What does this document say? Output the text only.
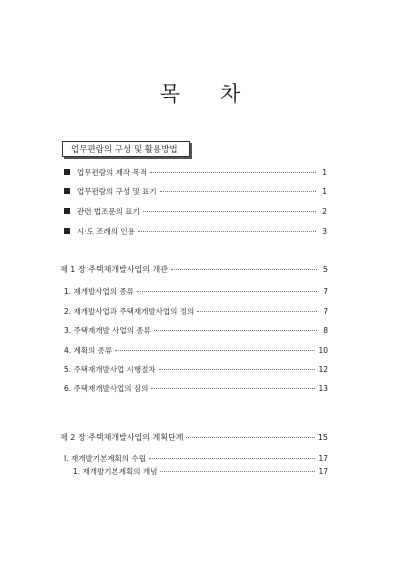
목 차
업무편람의 구성 및 활용방법
업무편람의 제작 목적	1
업무편람의 구성 및 표기	1
관련 법조문의 표기	2
시·도 조례의 인용	3
제 1 장 주택재개발사업의 개관	5
1. 재개발사업의 종류	7
2. 재개발사업과 주택재개발사업의 정의	7
3. 주택재개발 사업의 종류	8
4. 계획의 종류	10
5. 주택재개발사업 시행절차	12
6. 주택재개발사업의 심의	13
제 2 장 주택재개발사업의 계획단계	15
Ⅰ. 재개발기본계획의 수립	17
1. 재개발기본계획의 개념	17
